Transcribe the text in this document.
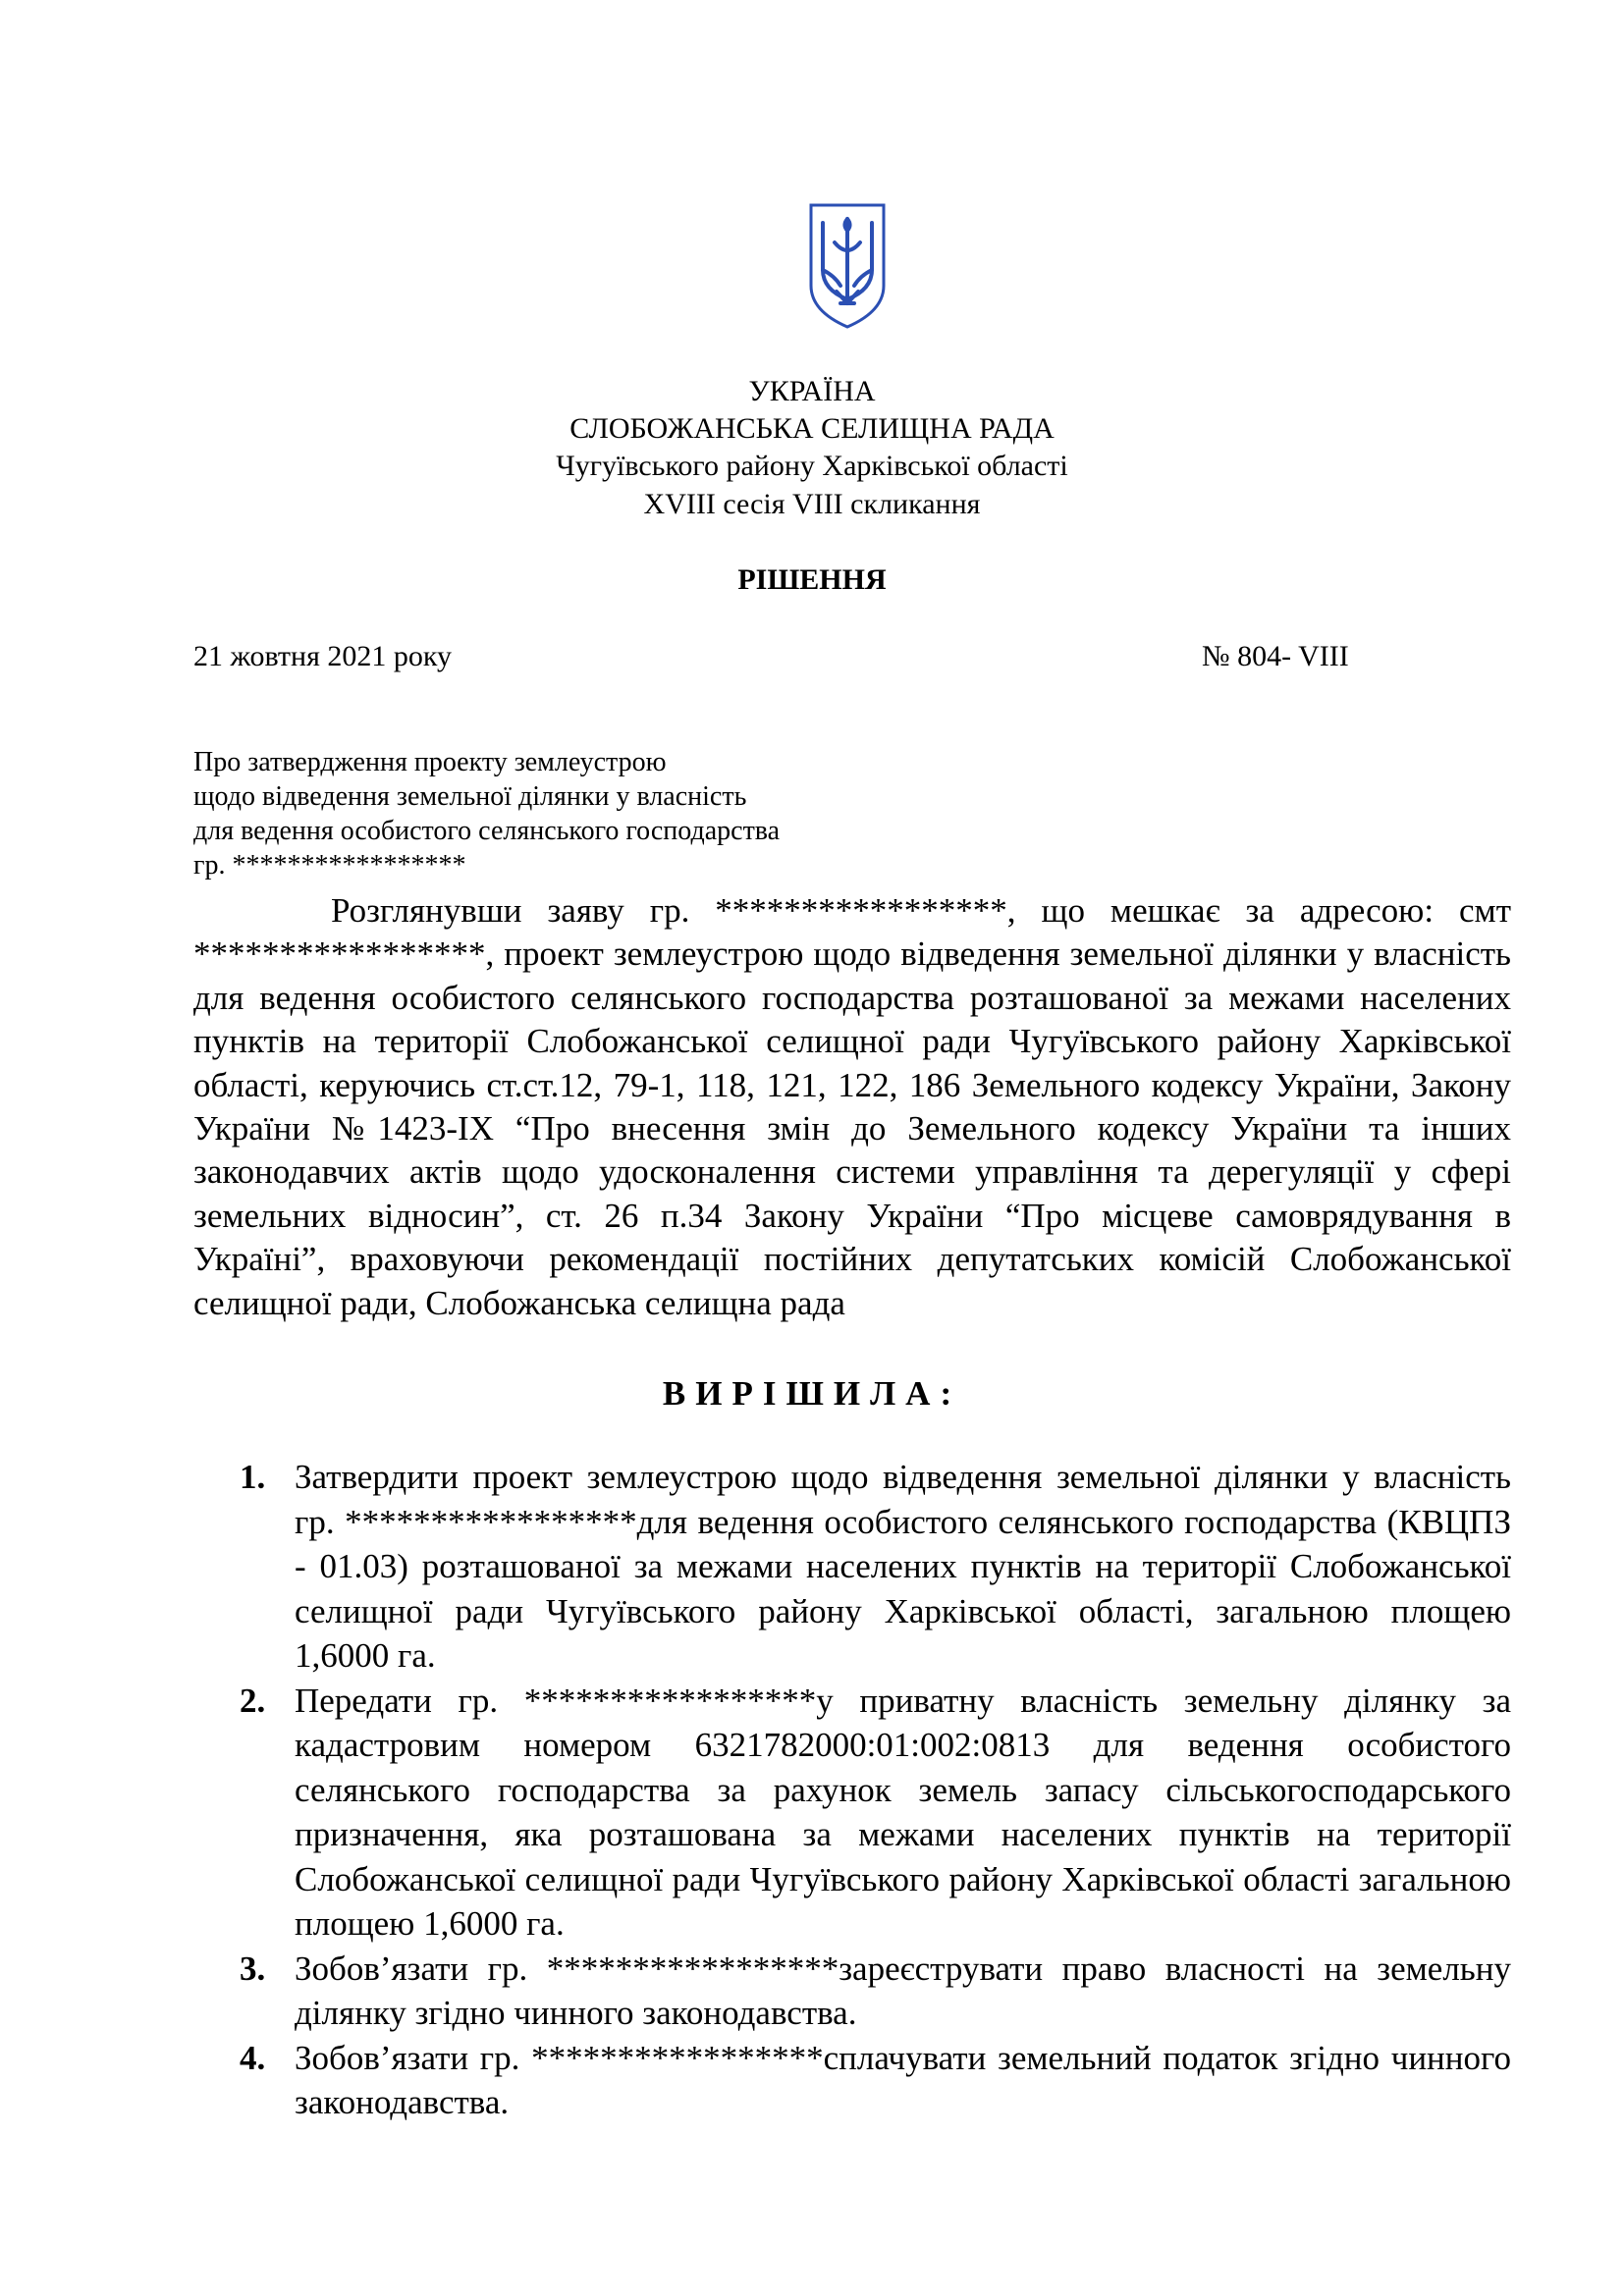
УКРАЇНА
СЛОБОЖАНСЬКА СЕЛИЩНА РАДА
Чугуївського району Харківської області
XVIII сесія VIII скликання
РІШЕННЯ
21 жовтня 2021 року	№ 804- VIII
Про затвердження проекту землеустрою
щодо відведення земельної ділянки у власність
для ведення особистого селянського господарства
гр. *****************
Розглянувши заяву гр. *****************, що мешкає за адресою: смт *****************, проект землеустрою щодо відведення земельної ділянки у власність для ведення особистого селянського господарства розташованої за межами населених пунктів на території Слобожанської селищної ради Чугуївського району Харківської області, керуючись ст.ст.12, 79-1, 118, 121, 122, 186 Земельного кодексу України, Закону України №1423-IX “Про внесення змін до Земельного кодексу України та інших законодавчих актів щодо удосконалення системи управління та дерегуляції у сфері земельних відносин”, ст. 26 п.34 Закону України “Про місцеве самоврядування в Україні”, враховуючи рекомендації постійних депутатських комісій Слобожанської селищної ради, Слобожанська селищна рада
ВИРІШИЛА:
1. Затвердити проект землеустрою щодо відведення земельної ділянки у власність гр. *****************для ведення особистого селянського господарства (КВЦПЗ - 01.03) розташованої за межами населених пунктів на території Слобожанської селищної ради Чугуївського району Харківської області, загальною площею 1,6000 га.
2. Передати гр. *****************у приватну власність земельну ділянку за кадастровим номером 6321782000:01:002:0813 для ведення особистого селянського господарства за рахунок земель запасу сільськогосподарського призначення, яка розташована за межами населених пунктів на території Слобожанської селищної ради Чугуївського району Харківської області загальною площею 1,6000 га.
3. Зобов’язати гр. *****************зареєструвати право власності на земельну ділянку згідно чинного законодавства.
4. Зобов’язати гр. *****************сплачувати земельний податок згідно чинного законодавства.
